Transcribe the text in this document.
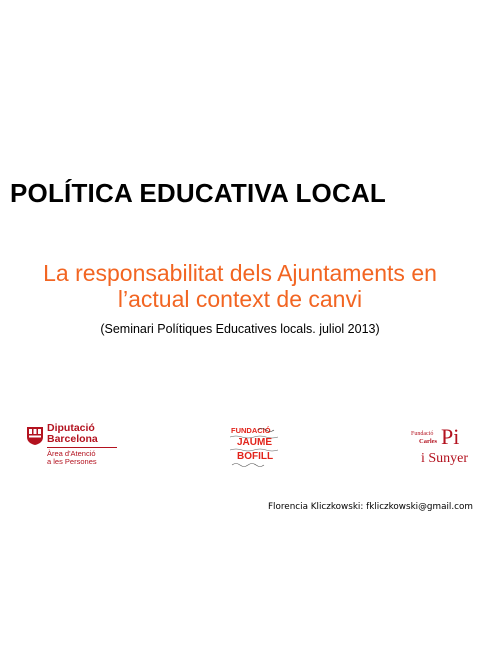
POLÍTICA EDUCATIVA LOCAL
La responsabilitat dels Ajuntaments en
l’actual context de canvi
(Seminari Polítiques Educatives locals. juliol 2013)
Diputació
Barcelona
Àrea d'Atenció
a les Persones
FUNDACIÓ
JAUME
BOFILL
Fundació
Carles Pi
i Sunyer
Florencia Kliczkowski: fkliczkowski@gmail.com
